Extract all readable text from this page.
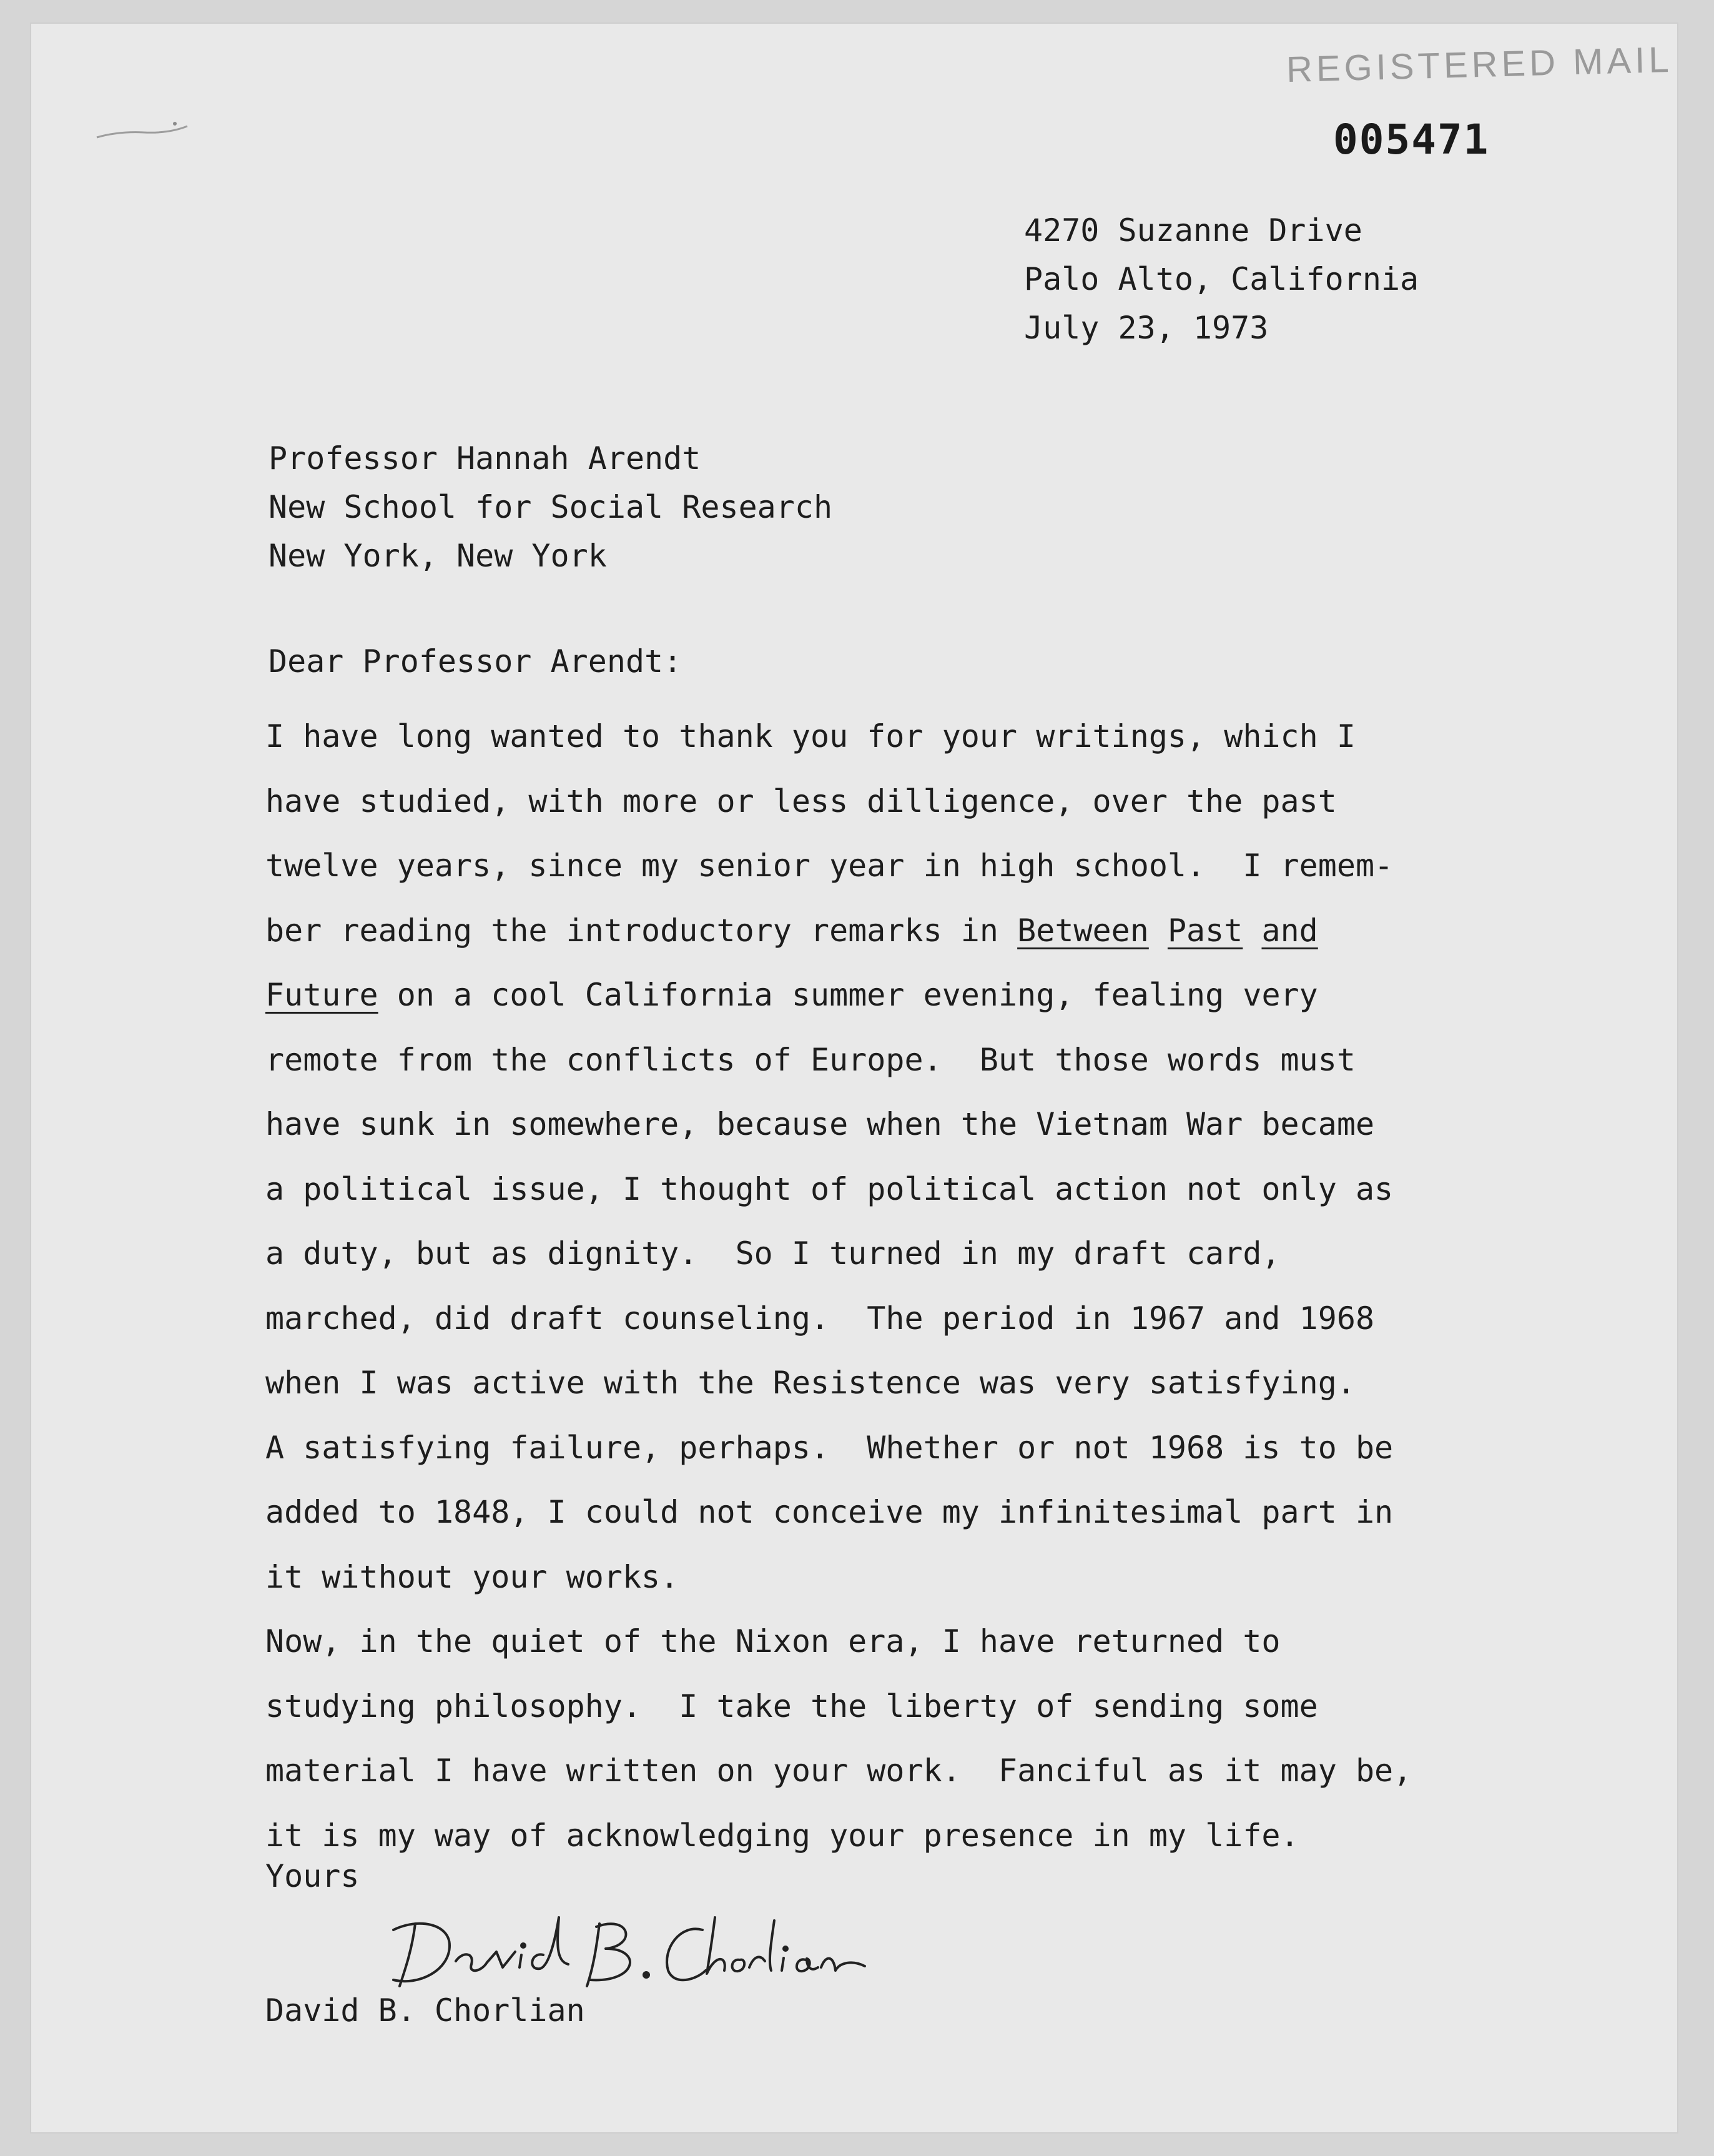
REGISTERED MAIL
005471
4270 Suzanne Drive
Palo Alto, California
July 23, 1973
Professor Hannah Arendt
New School for Social Research
New York, New York
Dear Professor Arendt:
I have long wanted to thank you for your writings, which I
have studied, with more or less dilligence, over the past
twelve years, since my senior year in high school.  I remem-
ber reading the introductory remarks in Between Past and
Future on a cool California summer evening, fealing very
remote from the conflicts of Europe.  But those words must
have sunk in somewhere, because when the Vietnam War became
a political issue, I thought of political action not only as
a duty, but as dignity.  So I turned in my draft card,
marched, did draft counseling.  The period in 1967 and 1968
when I was active with the Resistence was very satisfying.
A satisfying failure, perhaps.  Whether or not 1968 is to be
added to 1848, I could not conceive my infinitesimal part in
it without your works.
Now, in the quiet of the Nixon era, I have returned to
studying philosophy.  I take the liberty of sending some
material I have written on your work.  Fanciful as it may be,
it is my way of acknowledging your presence in my life.
Yours
David B. Chorlian
